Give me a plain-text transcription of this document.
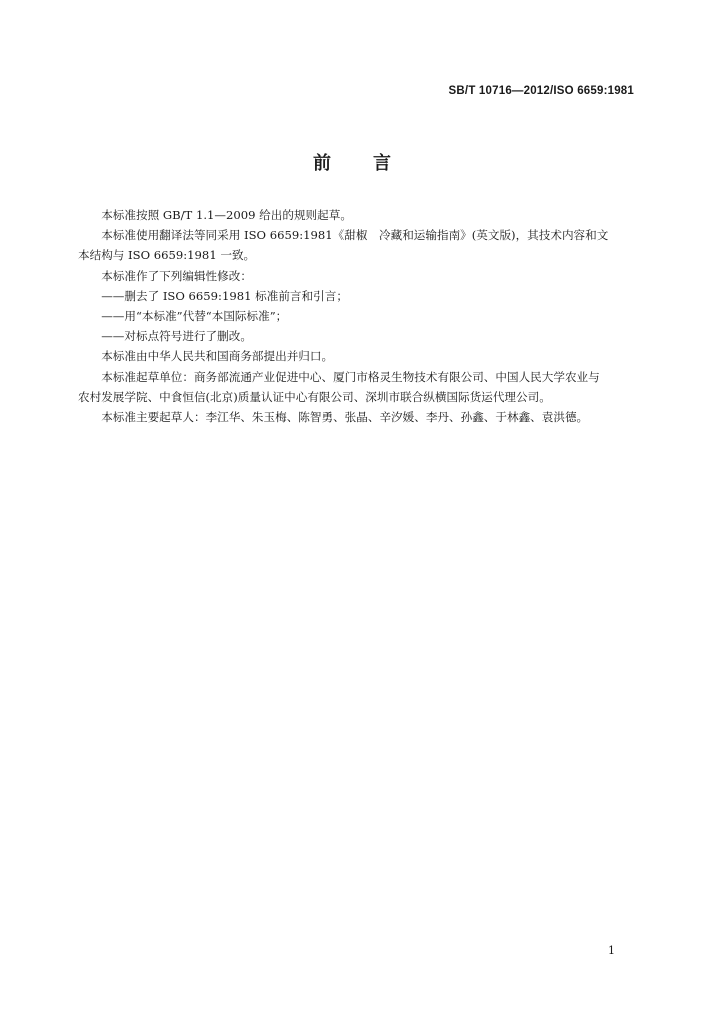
SB/T 10716—2012/ISO 6659:1981
前 言

本标准按照 GB/T 1.1—2009 给出的规则起草。

本标准使用翻译法等同采用 ISO 6659:1981《甜椒　冷藏和运输指南》(英文版)，其技术内容和文

本结构与 ISO 6659:1981 一致。

本标准作了下列编辑性修改：

——删去了 ISO 6659:1981 标准前言和引言；

——用“本标准”代替“本国际标准”；

——对标点符号进行了删改。

本标准由中华人民共和国商务部提出并归口。

本标准起草单位：商务部流通产业促进中心、厦门市格灵生物技术有限公司、中国人民大学农业与

农村发展学院、中食恒信(北京)质量认证中心有限公司、深圳市联合纵横国际货运代理公司。

本标准主要起草人：李江华、朱玉梅、陈智勇、张晶、辛汐媛、李丹、孙鑫、于林鑫、袁洪德。

1
